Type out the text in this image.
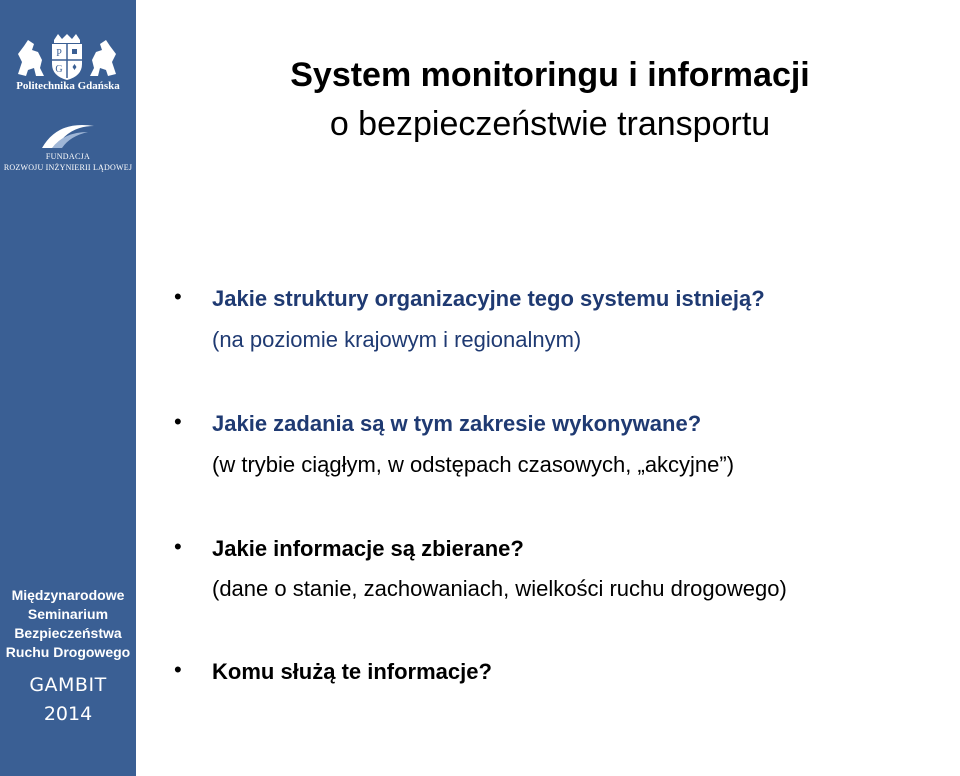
P
G
Politechnika Gdańska
FUNDACJA
ROZWOJU INŻYNIERII LĄDOWEJ
Międzynarodowe
Seminarium
Bezpieczeństwa
Ruchu Drogowego
GAMBIT
2014
System monitoringu i informacji
o bezpieczeństwie transportu
• Jakie struktury organizacyjne tego systemu istnieją?
(na poziomie krajowym i regionalnym)
• Jakie zadania są w tym zakresie wykonywane?
(w trybie ciągłym, w odstępach czasowych, „akcyjne”)
• Jakie informacje są zbierane?
(dane o stanie, zachowaniach, wielkości ruchu drogowego)
• Komu służą te informacje?
